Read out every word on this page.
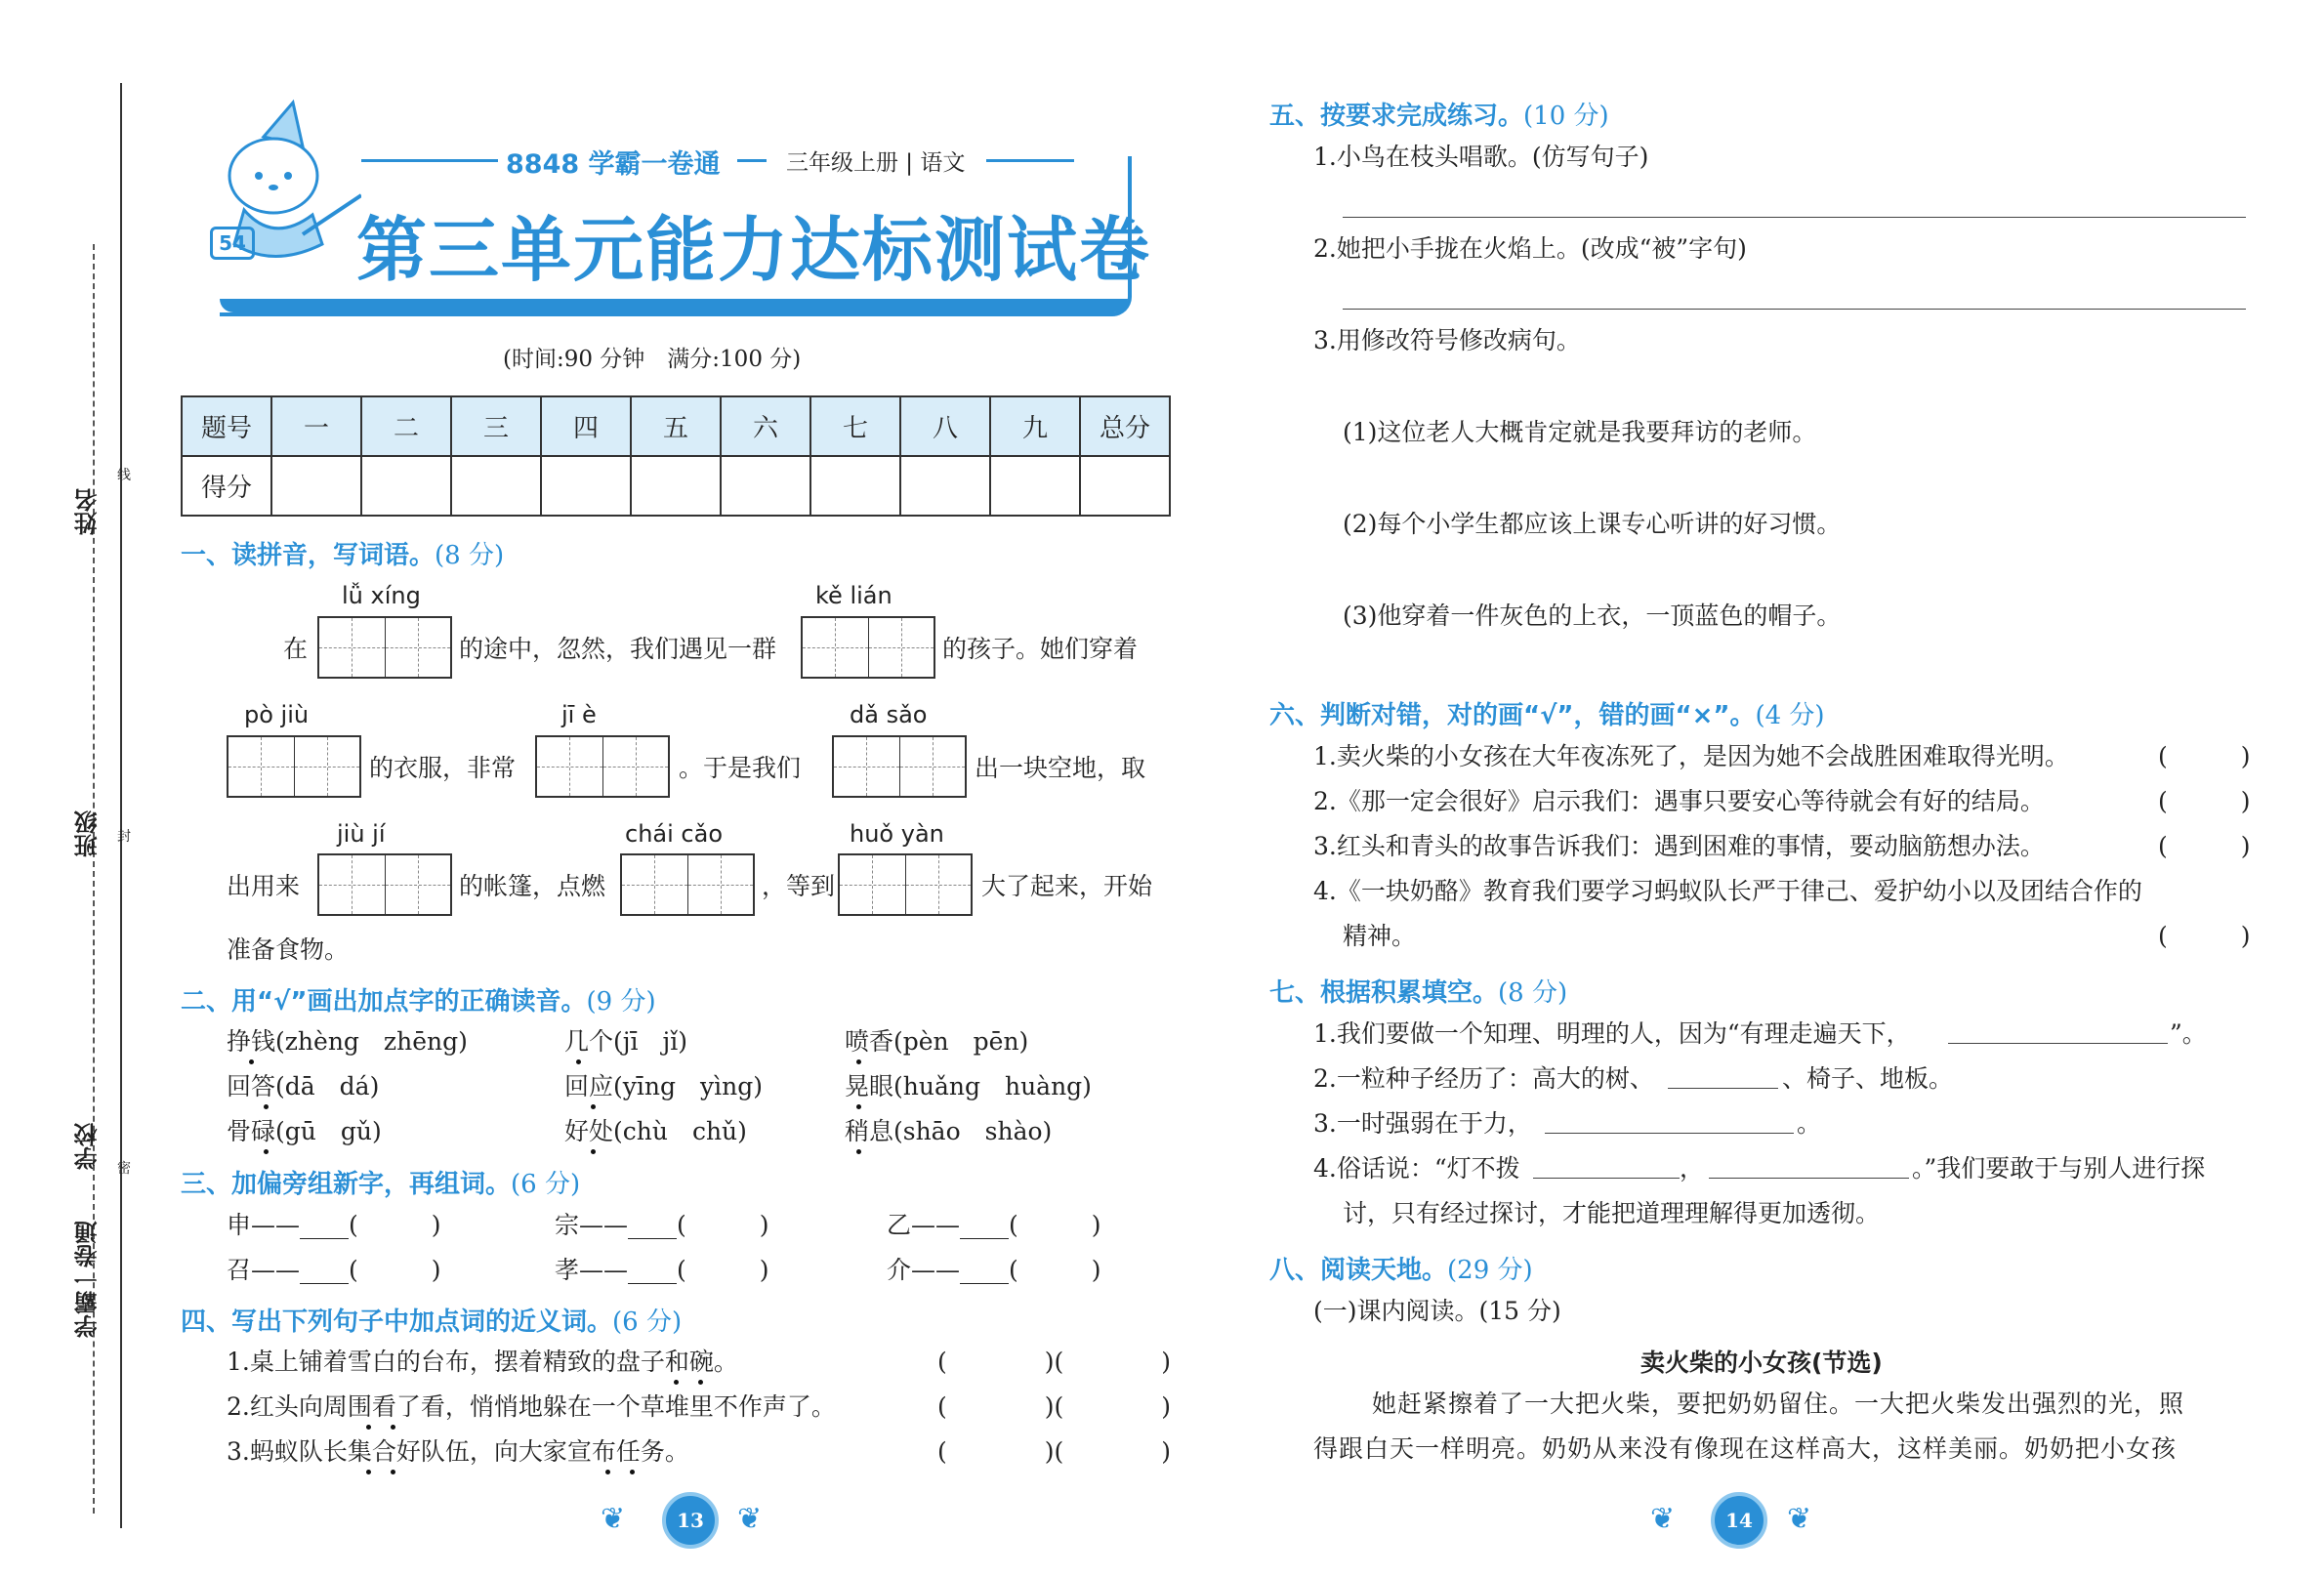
姓名
班级
学校
学霸一卷通
线
封
密
54
8848 学霸一卷通	三年级上册 | 语文
第三单元能力达标测试卷
(时间:90 分钟　满分:100 分)
题号	一	二	三	四	五	六	七	八	九	总分
得分										
一、读拼音，写词语。(8 分)
lǚ xíng	kě lián
在	的途中，忽然，我们遇见一群	的孩子。她们穿着
pò jiù	jī è	dǎ sǎo
的衣服，非常	。于是我们	出一块空地，取
jiù jí	chái cǎo	huǒ yàn
出用来	的帐篷，点燃	，等到	大了起来，开始
准备食物。
二、用“√”画出加点字的正确读音。(9 分)
挣钱(zhèng　zhēng)	几个(jī　jǐ)	喷香(pèn　pēn)
回答(dā　dá)	回应(yīng　yìng)	晃眼(huǎng　huàng)
骨碌(gū　gǔ)	好处(chù　chǔ)	稍息(shāo　shào)
三、加偏旁组新字，再组词。(6 分)
申——____(　　　)	宗——____(　　　)	乙——____(　　　)
召——____(　　　)	孝——____(　　　)	介——____(　　　)
四、写出下列句子中加点词的近义词。(6 分)
1.桌上铺着雪白的台布，摆着精致的盘子和碗。	(　　　　)(　　　　)
2.红头向周围看了看，悄悄地躲在一个草堆里不作声了。	(　　　　)(　　　　)
3.蚂蚁队长集合好队伍，向大家宣布任务。	(　　　　)(　　　　)
❦	13	❦
五、按要求完成练习。(10 分)
1.小鸟在枝头唱歌。(仿写句子)
2.她把小手拢在火焰上。(改成“被”字句)
3.用修改符号修改病句。
(1)这位老人大概肯定就是我要拜访的老师。
(2)每个小学生都应该上课专心听讲的好习惯。
(3)他穿着一件灰色的上衣，一顶蓝色的帽子。
六、判断对错，对的画“√”，错的画“×”。(4 分)
1.卖火柴的小女孩在大年夜冻死了，是因为她不会战胜困难取得光明。	(　　　)
2.《那一定会很好》启示我们：遇事只要安心等待就会有好的结局。	(　　　)
3.红头和青头的故事告诉我们：遇到困难的事情，要动脑筋想办法。	(　　　)
4.《一块奶酪》教育我们要学习蚂蚁队长严于律己、爱护幼小以及团结合作的
精神。	(　　　)
七、根据积累填空。(8 分)
1.我们要做一个知理、明理的人，因为“有理走遍天下，	”。
2.一粒种子经历了：高大的树、	、椅子、地板。
3.一时强弱在于力，	。
4.俗话说：“灯不拨	，	。”我们要敢于与别人进行探
讨，只有经过探讨，才能把道理理解得更加透彻。
八、阅读天地。(29 分)
(一)课内阅读。(15 分)
卖火柴的小女孩(节选)
她赶紧擦着了一大把火柴，要把奶奶留住。一大把火柴发出强烈的光，照
得跟白天一样明亮。奶奶从来没有像现在这样高大，这样美丽。奶奶把小女孩
❦	14	❦
